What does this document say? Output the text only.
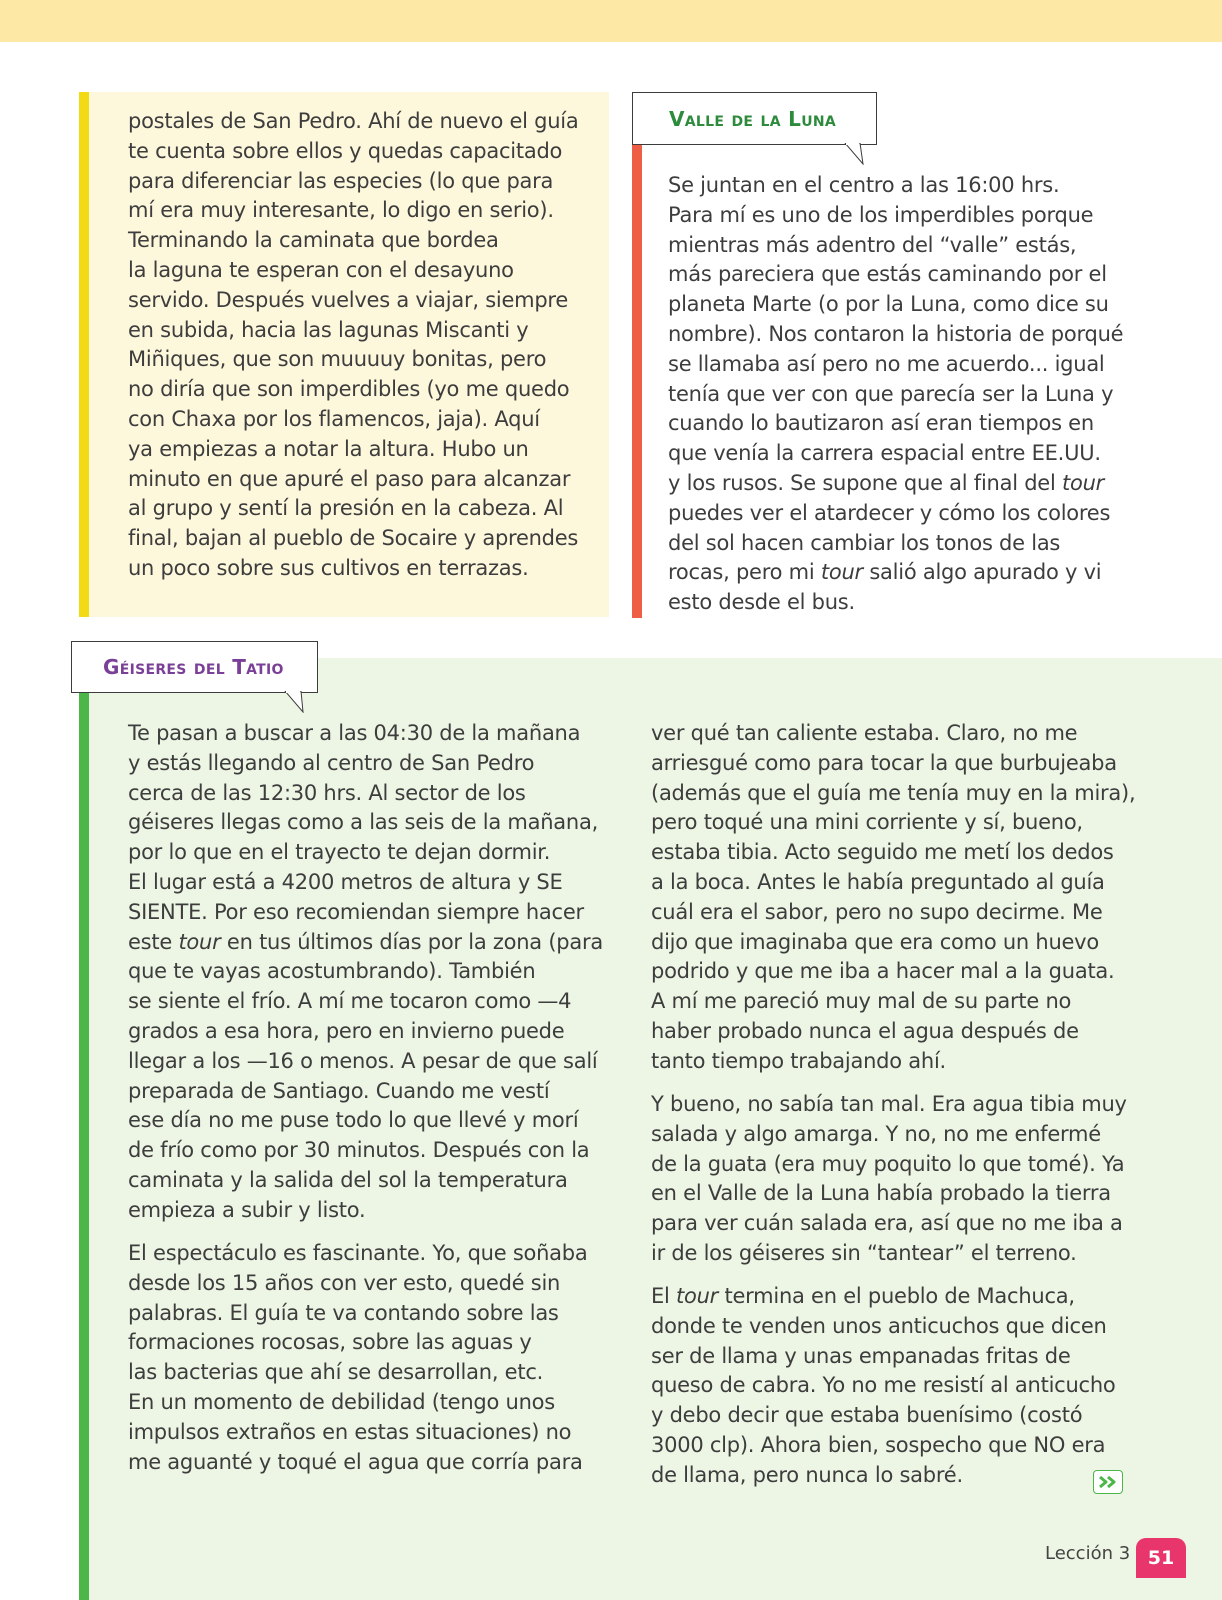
postales de San Pedro. Ahí de nuevo el guía
te cuenta sobre ellos y quedas capacitado
para diferenciar las especies (lo que para
mí era muy interesante, lo digo en serio).
Terminando la caminata que bordea
la laguna te esperan con el desayuno
servido. Después vuelves a viajar, siempre
en subida, hacia las lagunas Miscanti y
Miñiques, que son muuuuy bonitas, pero
no diría que son imperdibles (yo me quedo
con Chaxa por los flamencos, jaja). Aquí
ya empiezas a notar la altura. Hubo un
minuto en que apuré el paso para alcanzar
al grupo y sentí la presión en la cabeza. Al
final, bajan al pueblo de Socaire y aprendes
un poco sobre sus cultivos en terrazas.

Valle de la Luna

Se juntan en el centro a las 16:00 hrs.
Para mí es uno de los imperdibles porque
mientras más adentro del “valle” estás,
más pareciera que estás caminando por el
planeta Marte (o por la Luna, como dice su
nombre). Nos contaron la historia de porqué
se llamaba así pero no me acuerdo... igual
tenía que ver con que parecía ser la Luna y
cuando lo bautizaron así eran tiempos en
que venía la carrera espacial entre EE.UU.
y los rusos. Se supone que al final del tour
puedes ver el atardecer y cómo los colores
del sol hacen cambiar los tonos de las
rocas, pero mi tour salió algo apurado y vi
esto desde el bus.

Géiseres del Tatio

Te pasan a buscar a las 04:30 de la mañana
y estás llegando al centro de San Pedro
cerca de las 12:30 hrs. Al sector de los
géiseres llegas como a las seis de la mañana,
por lo que en el trayecto te dejan dormir.
El lugar está a 4200 metros de altura y SE
SIENTE. Por eso recomiendan siempre hacer
este tour en tus últimos días por la zona (para
que te vayas acostumbrando). También
se siente el frío. A mí me tocaron como —4
grados a esa hora, pero en invierno puede
llegar a los —16 o menos. A pesar de que salí
preparada de Santiago. Cuando me vestí
ese día no me puse todo lo que llevé y morí
de frío como por 30 minutos. Después con la
caminata y la salida del sol la temperatura
empieza a subir y listo.

El espectáculo es fascinante. Yo, que soñaba
desde los 15 años con ver esto, quedé sin
palabras. El guía te va contando sobre las
formaciones rocosas, sobre las aguas y
las bacterias que ahí se desarrollan, etc.
En un momento de debilidad (tengo unos
impulsos extraños en estas situaciones) no
me aguanté y toqué el agua que corría para

ver qué tan caliente estaba. Claro, no me
arriesgué como para tocar la que burbujeaba
(además que el guía me tenía muy en la mira),
pero toqué una mini corriente y sí, bueno,
estaba tibia. Acto seguido me metí los dedos
a la boca. Antes le había preguntado al guía
cuál era el sabor, pero no supo decirme. Me
dijo que imaginaba que era como un huevo
podrido y que me iba a hacer mal a la guata.
A mí me pareció muy mal de su parte no
haber probado nunca el agua después de
tanto tiempo trabajando ahí.

Y bueno, no sabía tan mal. Era agua tibia muy
salada y algo amarga. Y no, no me enfermé
de la guata (era muy poquito lo que tomé). Ya
en el Valle de la Luna había probado la tierra
para ver cuán salada era, así que no me iba a
ir de los géiseres sin “tantear” el terreno.

El tour termina en el pueblo de Machuca,
donde te venden unos anticuchos que dicen
ser de llama y unas empanadas fritas de
queso de cabra. Yo no me resistí al anticucho
y debo decir que estaba buenísimo (costó
3000 clp). Ahora bien, sospecho que NO era
de llama, pero nunca lo sabré.

Lección 3 51
